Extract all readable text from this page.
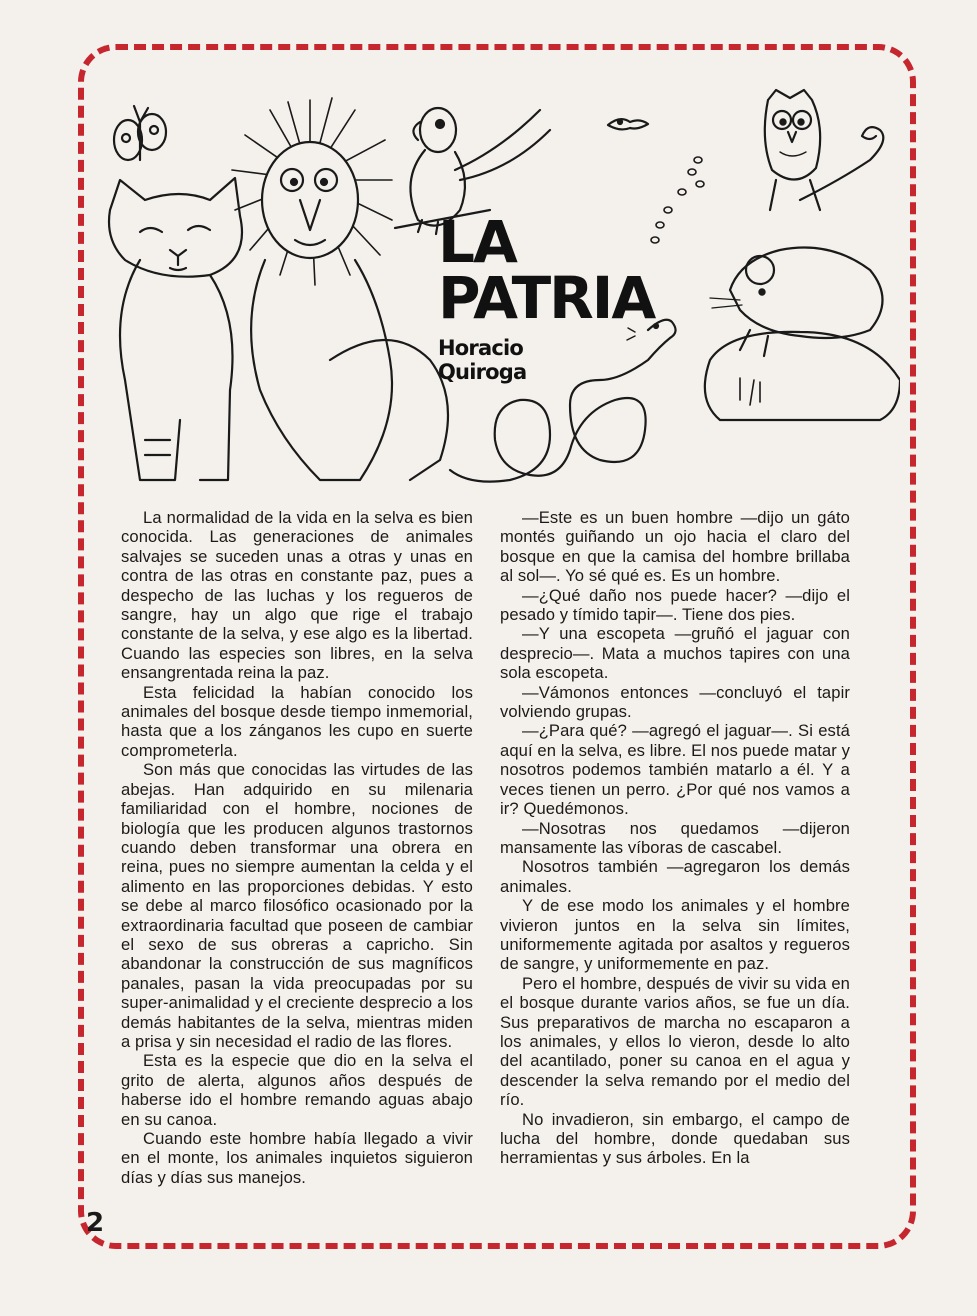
LA
PATRIA
Horacio
Quiroga

La normalidad de la vida en la selva es bien conocida. Las generaciones de animales salvajes se suceden unas a otras y unas en contra de las otras en constante paz, pues a despecho de las luchas y los regueros de sangre, hay un algo que rige el trabajo constante de la selva, y ese algo es la libertad. Cuando las especies son libres, en la selva ensangrentada reina la paz.

Esta felicidad la habían conocido los animales del bosque desde tiempo inmemorial, hasta que a los zánganos les cupo en suerte comprometerla.

Son más que conocidas las virtudes de las abejas. Han adquirido en su milenaria familiaridad con el hombre, nociones de biología que les producen algunos trastornos cuando deben transformar una obrera en reina, pues no siempre aumentan la celda y el alimento en las proporciones debidas. Y esto se debe al marco filosófico ocasionado por la extraordinaria facultad que poseen de cambiar el sexo de sus obreras a capricho. Sin abandonar la construcción de sus magníficos panales, pasan la vida preocupadas por su super-animalidad y el creciente desprecio a los demás habitantes de la selva, mientras miden a prisa y sin necesidad el radio de las flores.

Esta es la especie que dio en la selva el grito de alerta, algunos años después de haberse ido el hombre remando aguas abajo en su canoa.

Cuando este hombre había llegado a vivir en el monte, los animales inquietos siguieron días y días sus manejos.

—Este es un buen hombre —dijo un gáto montés guiñando un ojo hacia el claro del bosque en que la camisa del hombre brillaba al sol—. Yo sé qué es. Es un hombre.

—¿Qué daño nos puede hacer? —dijo el pesado y tímido tapir—. Tiene dos pies.

—Y una escopeta —gruñó el jaguar con desprecio—. Mata a muchos tapires con una sola escopeta.

—Vámonos entonces —concluyó el tapir volviendo grupas.

—¿Para qué? —agregó el jaguar—. Si está aquí en la selva, es libre. El nos puede matar y nosotros podemos también matarlo a él. Y a veces tienen un perro. ¿Por qué nos vamos a ir? Quedémonos.

—Nosotras nos quedamos —dijeron mansamente las víboras de cascabel.

Nosotros también —agregaron los demás animales.

Y de ese modo los animales y el hombre vivieron juntos en la selva sin límites, uniformemente agitada por asaltos y regueros de sangre, y uniformemente en paz.

Pero el hombre, después de vivir su vida en el bosque durante varios años, se fue un día. Sus preparativos de marcha no escaparon a los animales, y ellos lo vieron, desde lo alto del acantilado, poner su canoa en el agua y descender la selva remando por el medio del río.

No invadieron, sin embargo, el campo de lucha del hombre, donde quedaban sus herramientas y sus árboles. En la

2
